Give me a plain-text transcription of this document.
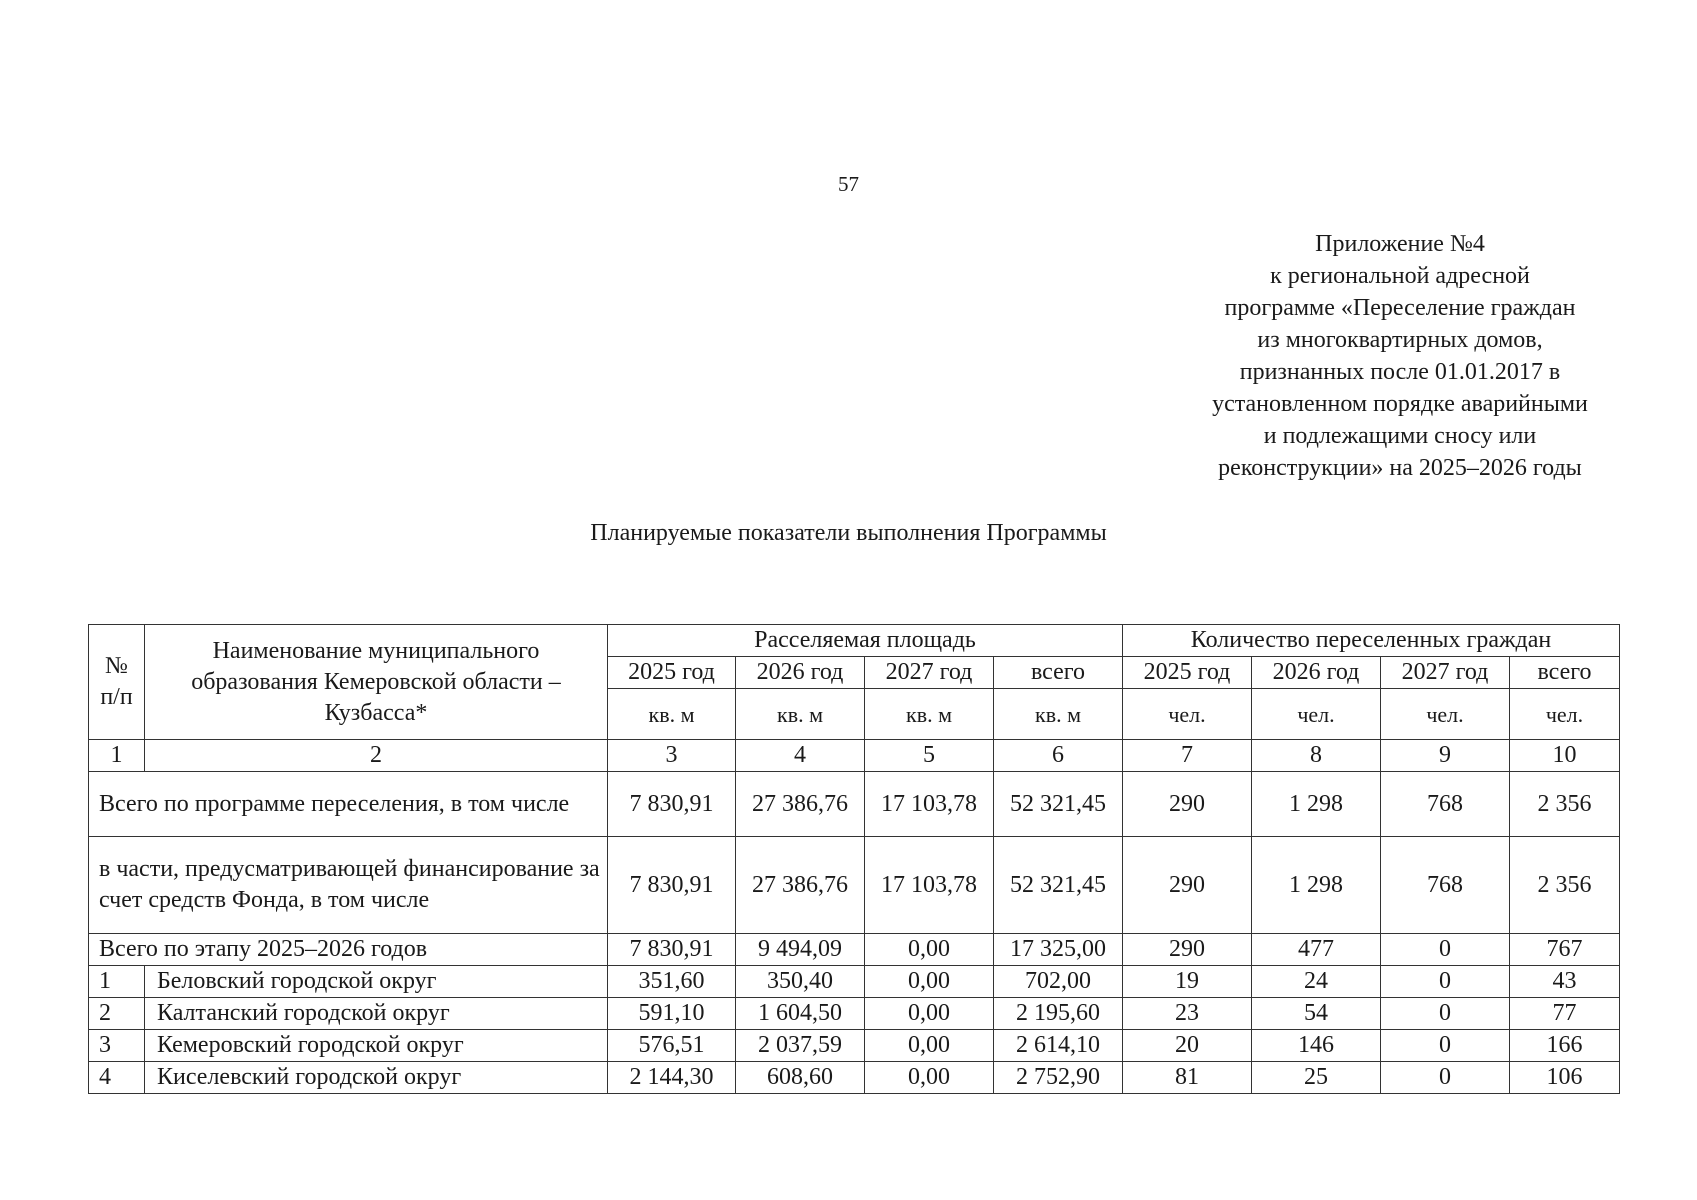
57
Приложение №4
к региональной адресной
программе «Переселение граждан
из многоквартирных домов,
признанных после 01.01.2017 в
установленном порядке аварийными
и подлежащими сносу или
реконструкции» на 2025–2026 годы
Планируемые показатели выполнения Программы
№ п/п	Наименование муниципального образования Кемеровской области – Кузбасса*	Расселяемая площадь				Количество переселенных граждан			
		2025 год	2026 год	2027 год	всего	2025 год	2026 год	2027 год	всего
		кв. м	кв. м	кв. м	кв. м	чел.	чел.	чел.	чел.
1	2	3	4	5	6	7	8	9	10
Всего по программе переселения, в том числе		7 830,91	27 386,76	17 103,78	52 321,45	290	1 298	768	2 356
в части, предусматривающей финансирование за счет средств Фонда, в том числе		7 830,91	27 386,76	17 103,78	52 321,45	290	1 298	768	2 356
Всего по этапу 2025–2026 годов		7 830,91	9 494,09	0,00	17 325,00	290	477	0	767
1	Беловский городской округ	351,60	350,40	0,00	702,00	19	24	0	43
2	Калтанский городской округ	591,10	1 604,50	0,00	2 195,60	23	54	0	77
3	Кемеровский городской округ	576,51	2 037,59	0,00	2 614,10	20	146	0	166
4	Киселевский городской округ	2 144,30	608,60	0,00	2 752,90	81	25	0	106
